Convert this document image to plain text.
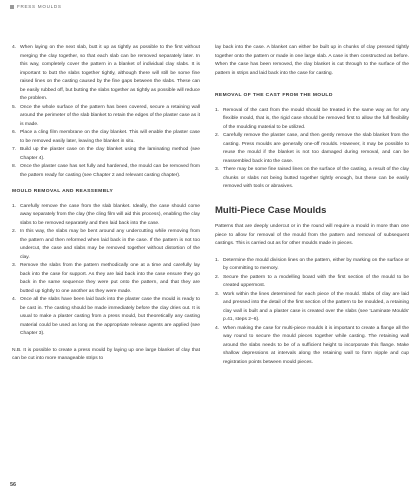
FRESS MOULDS
4. When laying on the next slab, butt it up as tightly as possible to the first without merging the clay together, so that each slab can be removed separately later. In this way, completely cover the pattern in a blanket of individual clay slabs. It is important to butt the slabs together tightly, although there will still be some fine raised lines on the casting caused by the fine gaps between the slabs. These can be easily rubbed off, but butting the slabs together as tightly as possible will reduce the problem.
5. Once the whole surface of the pattern has been covered, secure a retaining wall around the perimeter of the slab blanket to retain the edges of the plaster case as it is made.
6. Place a cling film membrane on the clay blanket. This will enable the plaster case to be removed easily later, leaving the blanket in situ.
7. Build up the plaster case on the clay blanket using the laminating method (see Chapter 4).
8. Once the plaster case has set fully and hardened, the mould can be removed from the pattern ready for casting (see Chapter 2 and relevant casting chapter).
MOULD REMOVAL AND REASSEMBLY
1. Carefully remove the case from the slab blanket. Ideally, the case should come away separately from the clay (the cling film will aid this process), enabling the clay slabs to be removed separately and then laid back into the case.
2. In this way, the slabs may be bent around any undercutting while removing from the pattern and then reformed when laid back in the case. If the pattern is not too undercut, the case and slabs may be removed together without distortion of the clay.
3. Remove the slabs from the pattern methodically one at a time and carefully lay back into the case for support. As they are laid back into the case ensure they go back in the same sequence they were put onto the pattern, and that they are butted up tightly to one another as they were made.
4. Once all the slabs have been laid back into the plaster case the mould is ready to be cast in. The casting should be made immediately before the clay dries out. It is usual to make a plaster casting from a press mould, but theoretically any casting material could be used as long as the appropriate release agents are applied (see Chapter 3).

N.B. It is possible to create a press mould by laying up one large blanket of clay that can be cut into more manageable strips to

lay back into the case. A blanket can either be built up in chunks of clay pressed tightly together onto the pattern or made in one large slab. A case is then constructed as before. When the case has been removed, the clay blanket is cut through to the surface of the pattern in strips and laid back into the case for casting.

REMOVAL OF THE CAST FROM THE MOULD
1. Removal of the cast from the mould should be treated in the same way as for any flexible mould, that is, the rigid case should be removed first to allow the full flexibility of the moulding material to be utilized.
2. Carefully remove the plaster case, and then gently remove the slab blanket from the casting. Press moulds are generally one-off moulds. However, it may be possible to reuse the mould if the blanket is not too damaged during removal, and can be reassembled back into the case.
3. There may be some fine raised lines on the surface of the casting, a result of the clay chunks or slabs not being butted together tightly enough, but these can be easily removed with tools or abrasives.
Multi-Piece Case Moulds

Patterns that are deeply undercut or in the round will require a mould in more than one piece to allow for removal of the mould from the pattern and removal of subsequent castings. This is carried out as for other moulds made in pieces.

1. Determine the mould division lines on the pattern, either by marking on the surface or by committing to memory.
2. Secure the pattern to a modelling board with the first section of the mould to be created uppermost.
3. Work within the lines determined for each piece of the mould. Slabs of clay are laid and pressed into the detail of the first section of the pattern to be moulded, a retaining clay wall is built and a plaster case is created over the slabs (see 'Laminate Moulds' p.41, steps 2–6).
4. When making the case for multi-piece moulds it is important to create a flange all the way round to secure the mould pieces together while casting. The retaining wall around the slabs needs to be of a sufficient height to incorporate this flange. Make shallow depressions at intervals along the retaining wall to form nipple and cup registration points between mould pieces.
56
